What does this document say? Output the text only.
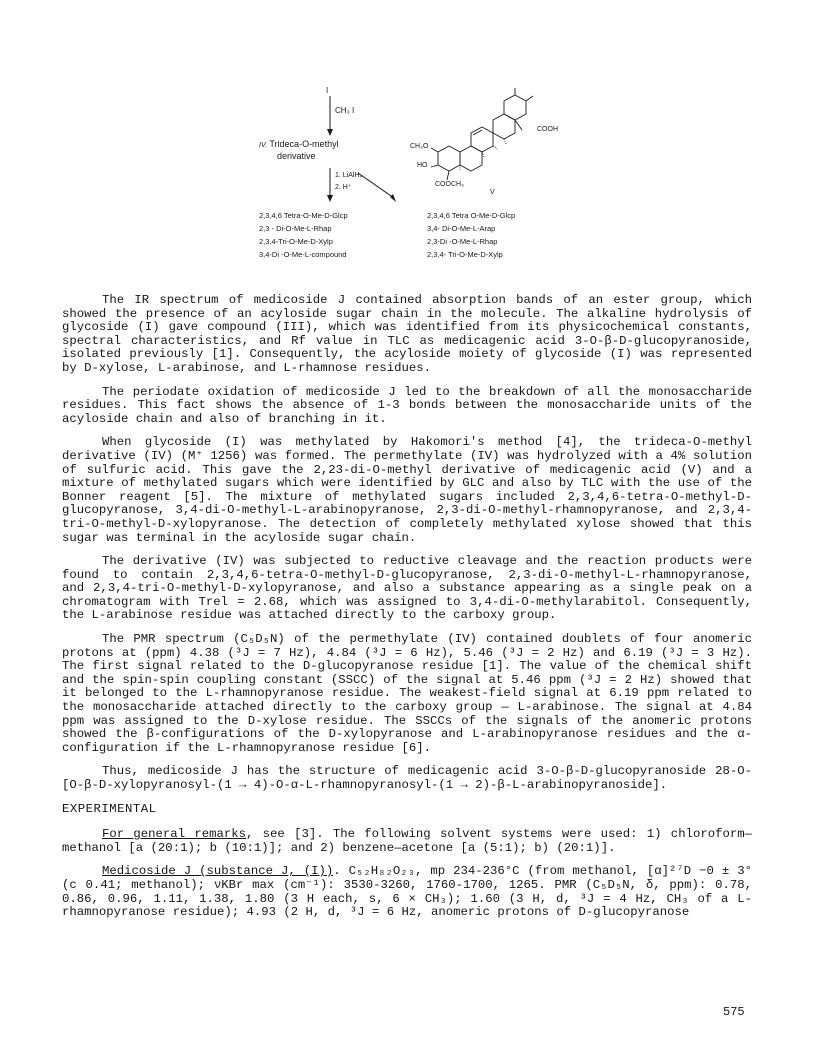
I
CH₃ I
IV. Trideca-O-methyl
derivative
1. LiAlH₄
2. H⁺
CH₃O
HO
COOH
COOCH₃
V
2,3,4,6 Tetra-O-Me-D-Glcp
2,3 - Di-O-Me-L-Rhap
2,3,4-Tri-O-Me-D-Xylp
3,4-Di -O-Me-L-compound
2,3,4,6 Tetra O-Me-D-Glcp
3,4- Di-O-Me-L-Arap
2,3-Di -O-Me-L-Rhap
2,3,4- Tri-O-Me-D-Xylp

The IR spectrum of medicoside J contained absorption bands of an ester group, which showed the presence of an acyloside sugar chain in the molecule. The alkaline hydrolysis of glycoside (I) gave compound (III), which was identified from its physicochemical constants, spectral characteristics, and Rf value in TLC as medicagenic acid 3-O-β-D-glucopyranoside, isolated previously [1]. Consequently, the acyloside moiety of glycoside (I) was represented by D-xylose, L-arabinose, and L-rhamnose residues.

The periodate oxidation of medicoside J led to the breakdown of all the monosaccharide residues. This fact shows the absence of 1-3 bonds between the monosaccharide units of the acyloside chain and also of branching in it.

When glycoside (I) was methylated by Hakomori's method [4], the trideca-O-methyl derivative (IV) (M⁺ 1256) was formed. The permethylate (IV) was hydrolyzed with a 4% solution of sulfuric acid. This gave the 2,23-di-O-methyl derivative of medicagenic acid (V) and a mixture of methylated sugars which were identified by GLC and also by TLC with the use of the Bonner reagent [5]. The mixture of methylated sugars included 2,3,4,6-tetra-O-methyl-D-glucopyranose, 3,4-di-O-methyl-L-arabinopyranose, 2,3-di-O-methyl-rhamnopyranose, and 2,3,4-tri-O-methyl-D-xylopyranose. The detection of completely methylated xylose showed that this sugar was terminal in the acyloside sugar chain.

The derivative (IV) was subjected to reductive cleavage and the reaction products were found to contain 2,3,4,6-tetra-O-methyl-D-glucopyranose, 2,3-di-O-methyl-L-rhamnopyranose, and 2,3,4-tri-O-methyl-D-xylopyranose, and also a substance appearing as a single peak on a chromatogram with Trel = 2.68, which was assigned to 3,4-di-O-methylarabitol. Consequently, the L-arabinose residue was attached directly to the carboxy group.

The PMR spectrum (C₅D₅N) of the permethylate (IV) contained doublets of four anomeric protons at (ppm) 4.38 (³J = 7 Hz), 4.84 (³J = 6 Hz), 5.46 (³J = 2 Hz) and 6.19 (³J = 3 Hz). The first signal related to the D-glucopyranose residue [1]. The value of the chemical shift and the spin-spin coupling constant (SSCC) of the signal at 5.46 ppm (³J = 2 Hz) showed that it belonged to the L-rhamnopyranose residue. The weakest-field signal at 6.19 ppm related to the monosaccharide attached directly to the carboxy group — L-arabinose. The signal at 4.84 ppm was assigned to the D-xylose residue. The SSCCs of the signals of the anomeric protons showed the β-configurations of the D-xylopyranose and L-arabinopyranose residues and the α-configuration if the L-rhamnopyranose residue [6].

Thus, medicoside J has the structure of medicagenic acid 3-O-β-D-glucopyranoside 28-O-[O-β-D-xylopyranosyl-(1 → 4)-O-α-L-rhamnopyranosyl-(1 → 2)-β-L-arabinopyranoside].

EXPERIMENTAL

For general remarks, see [3]. The following solvent systems were used: 1) chloroform—methanol [a (20:1); b (10:1)]; and 2) benzene—acetone [a (5:1); b) (20:1)].

Medicoside J (substance J, (I)). C₅₂H₈₂O₂₃, mp 234-236°C (from methanol, [α]²⁷D −0 ± 3° (c 0.41; methanol); νKBr max (cm⁻¹): 3530-3260, 1760-1700, 1265. PMR (C₅D₅N, δ, ppm): 0.78, 0.86, 0.96, 1.11, 1.38, 1.80 (3 H each, s, 6 × CH₃); 1.60 (3 H, d, ³J = 4 Hz, CH₃ of a L-rhamnopyranose residue); 4.93 (2 H, d, ³J = 6 Hz, anomeric protons of D-glucopyranose

575
